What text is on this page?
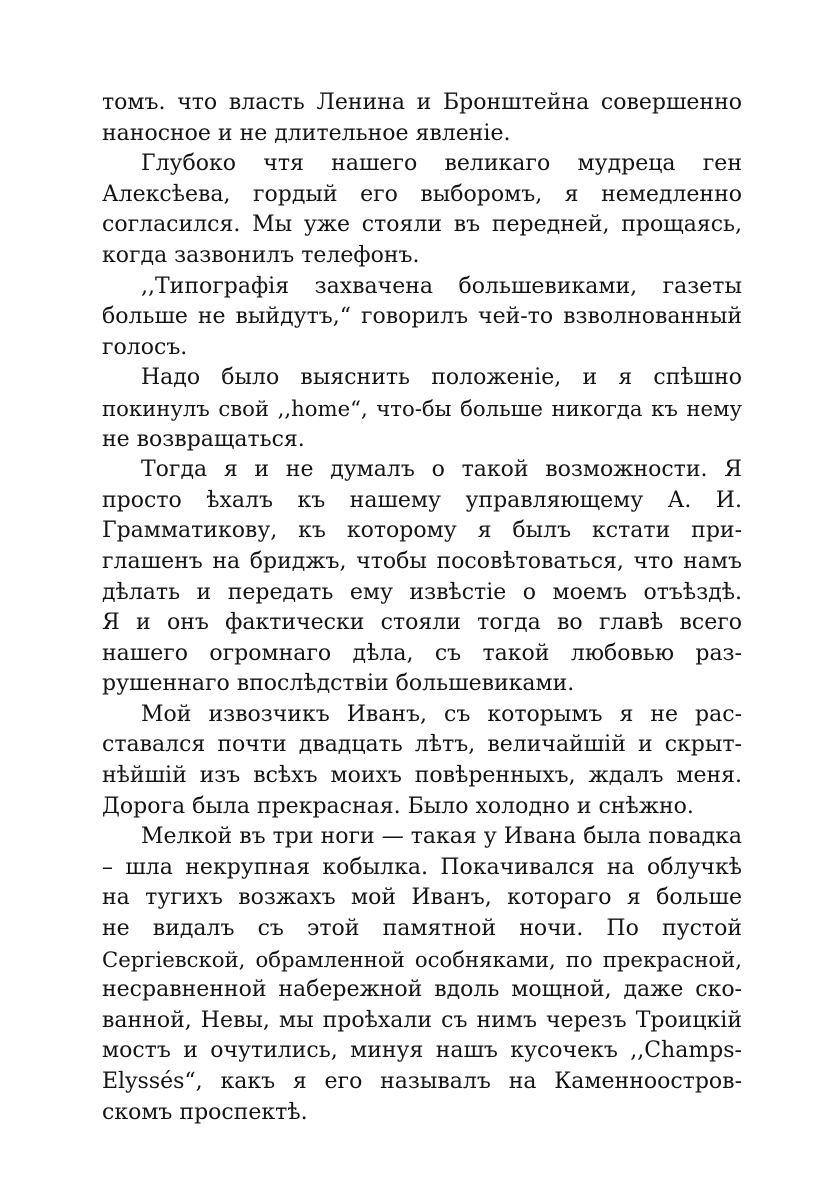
томъ. что власть Ленина и Бронштейна совершенно
наносное и не длительное явленіе.
Глубоко чтя нашего великаго мудреца ген
Алексѣева, гордый его выборомъ, я немедленно
согласился. Мы уже стояли въ передней, прощаясь,
когда зазвонилъ телефонъ.
,,Типографія захвачена большевиками, газеты
больше не выйдутъ,“ говорилъ чей-то взволнованный
голосъ.
Надо было выяснить положеніе, и я спѣшно
покинулъ свой ,,home“, что-бы больше никогда къ нему
не возвращаться.
Тогда я и не думалъ о такой возможности. Я
просто ѣхалъ къ нашему управляющему А. И.
Грамматикову, къ которому я былъ кстати при-
глашенъ на бриджъ, чтобы посовѣтоваться, что намъ
дѣлать и передать ему извѣстіе о моемъ отъѣздѣ.
Я и онъ фактически стояли тогда во главѣ всего
нашего огромнаго дѣла, съ такой любовью раз-
рушеннаго впослѣдствіи большевиками.
Мой извозчикъ Иванъ, съ которымъ я не рас-
ставался почти двадцать лѣтъ, величайшій и скрыт-
нѣйшій изъ всѣхъ моихъ повѣренныхъ, ждалъ меня.
Дорога была прекрасная. Было холодно и снѣжно.
Мелкой въ три ноги — такая у Ивана была повадка
– шла некрупная кобылка. Покачивался на облучкѣ
на тугихъ возжахъ мой Иванъ, котораго я больше
не видалъ съ этой памятной ночи. По пустой
Сергіевской, обрамленной особняками, по прекрасной,
несравненной набережной вдоль мощной, даже ско-
ванной, Невы, мы проѣхали съ нимъ черезъ Троицкій
мостъ и очутились, минуя нашъ кусочекъ ,,Champs-
Elyssés“, какъ я его называлъ на Каменноостров-
скомъ проспектѣ.
